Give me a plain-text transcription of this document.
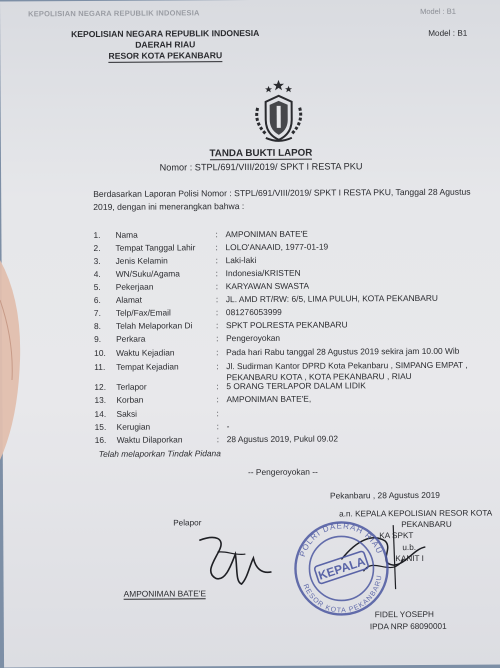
KEPOLISIAN NEGARA REPUBLIK INDONESIA	Model : B1
KEPOLISIAN NEGARA REPUBLIK INDONESIA
DAERAH RIAU
RESOR KOTA PEKANBARU
Model : B1
TANDA BUKTI LAPOR
Nomor : STPL/691/VIII/2019/ SPKT I RESTA PKU
Berdasarkan Laporan Polisi Nomor : STPL/691/VIII/2019/ SPKT I RESTA PKU, Tanggal 28 Agustus 2019, dengan ini menerangkan bahwa :
1.	Nama	: AMPONIMAN BATE'E
2.	Tempat Tanggal Lahir : LOLO'ANAAID, 1977-01-19
3.	Jenis Kelamin	: Laki-laki
4.	WN/Suku/Agama	: Indonesia/KRISTEN
5.	Pekerjaan	: KARYAWAN SWASTA
6.	Alamat	: JL. AMD RT/RW: 6/5, LIMA PULUH, KOTA PEKANBARU
7.	Telp/Fax/Email	: 081276053999
8.	Telah Melaporkan Di	: SPKT POLRESTA PEKANBARU
9.	Perkara	: Pengeroyokan
10.	Waktu Kejadian	: Pada hari Rabu tanggal 28 Agustus 2019 sekira jam 10.00 Wib
11.	Tempat Kejadian	: Jl. Sudirman Kantor DPRD Kota Pekanbaru , SIMPANG EMPAT ,
PEKANBARU KOTA , KOTA PEKANBARU , RIAU
12.	Terlapor	: 5 ORANG TERLAPOR DALAM LIDIK
13.	Korban	: AMPONIMAN BATE'E,
14.	Saksi	:
15.	Kerugian	: -
16.	Waktu Dilaporkan	: 28 Agustus 2019, Pukul 09.02
Telah melaporkan Tindak Pidana
-- Pengeroyokan --
Pekanbaru , 28 Agustus 2019
Pelapor
AMPONIMAN BATE'E
a.n. KEPALA KEPOLISIAN RESOR KOTA
PEKANBARU
KA SPKT
u.b.
KANIT I
POLRI DAERAH RIAU
RESOR KOTA PEKANBARU
KEPALA
FIDEL YOSEPH
IPDA NRP 68090001
